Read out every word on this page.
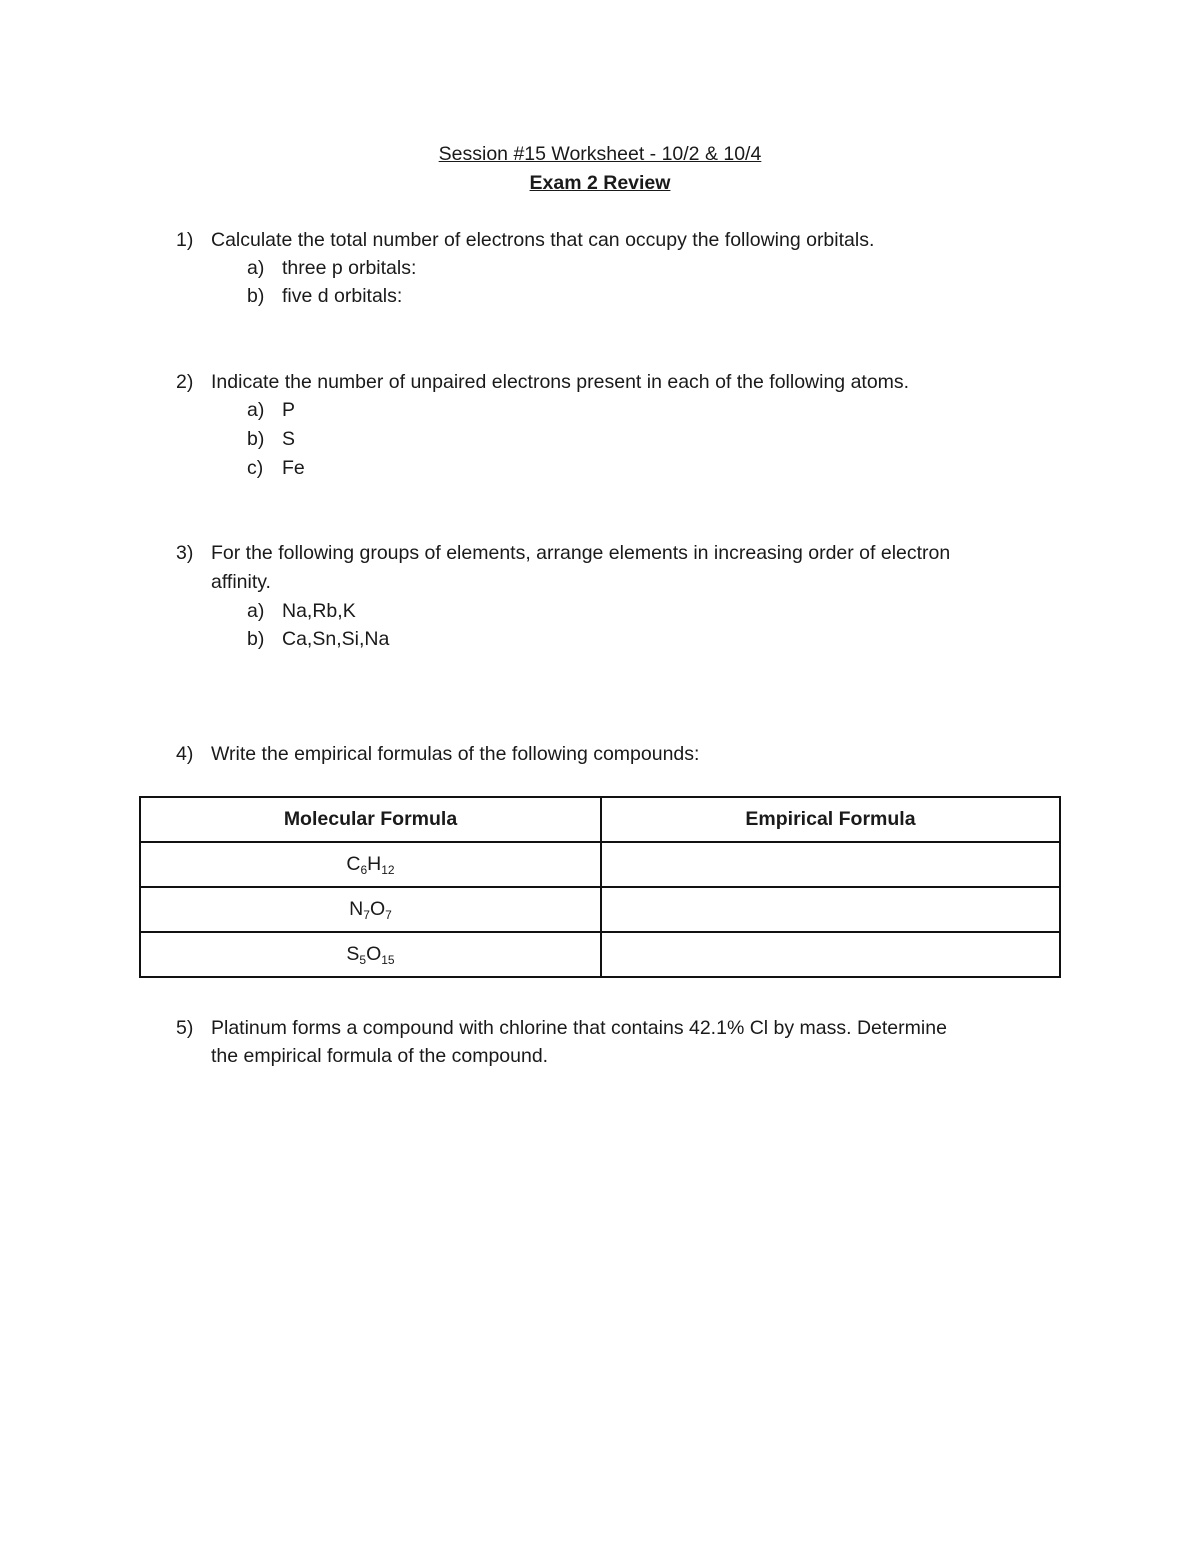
Session #15 Worksheet - 10/2 & 10/4
Exam 2 Review
1) Calculate the total number of electrons that can occupy the following orbitals.
a) three p orbitals:
b) five d orbitals:
2) Indicate the number of unpaired electrons present in each of the following atoms.
a) P
b) S
c) Fe
3) For the following groups of elements, arrange elements in increasing order of electron
affinity.
a) Na,Rb,K
b) Ca,Sn,Si,Na
4) Write the empirical formulas of the following compounds:
Molecular Formula	Empirical Formula
$C_6H_{12}$	
$N_7O_7$	
$S_5O_{15}$	
5) Platinum forms a compound with chlorine that contains 42.1% Cl by mass. Determine
the empirical formula of the compound.
